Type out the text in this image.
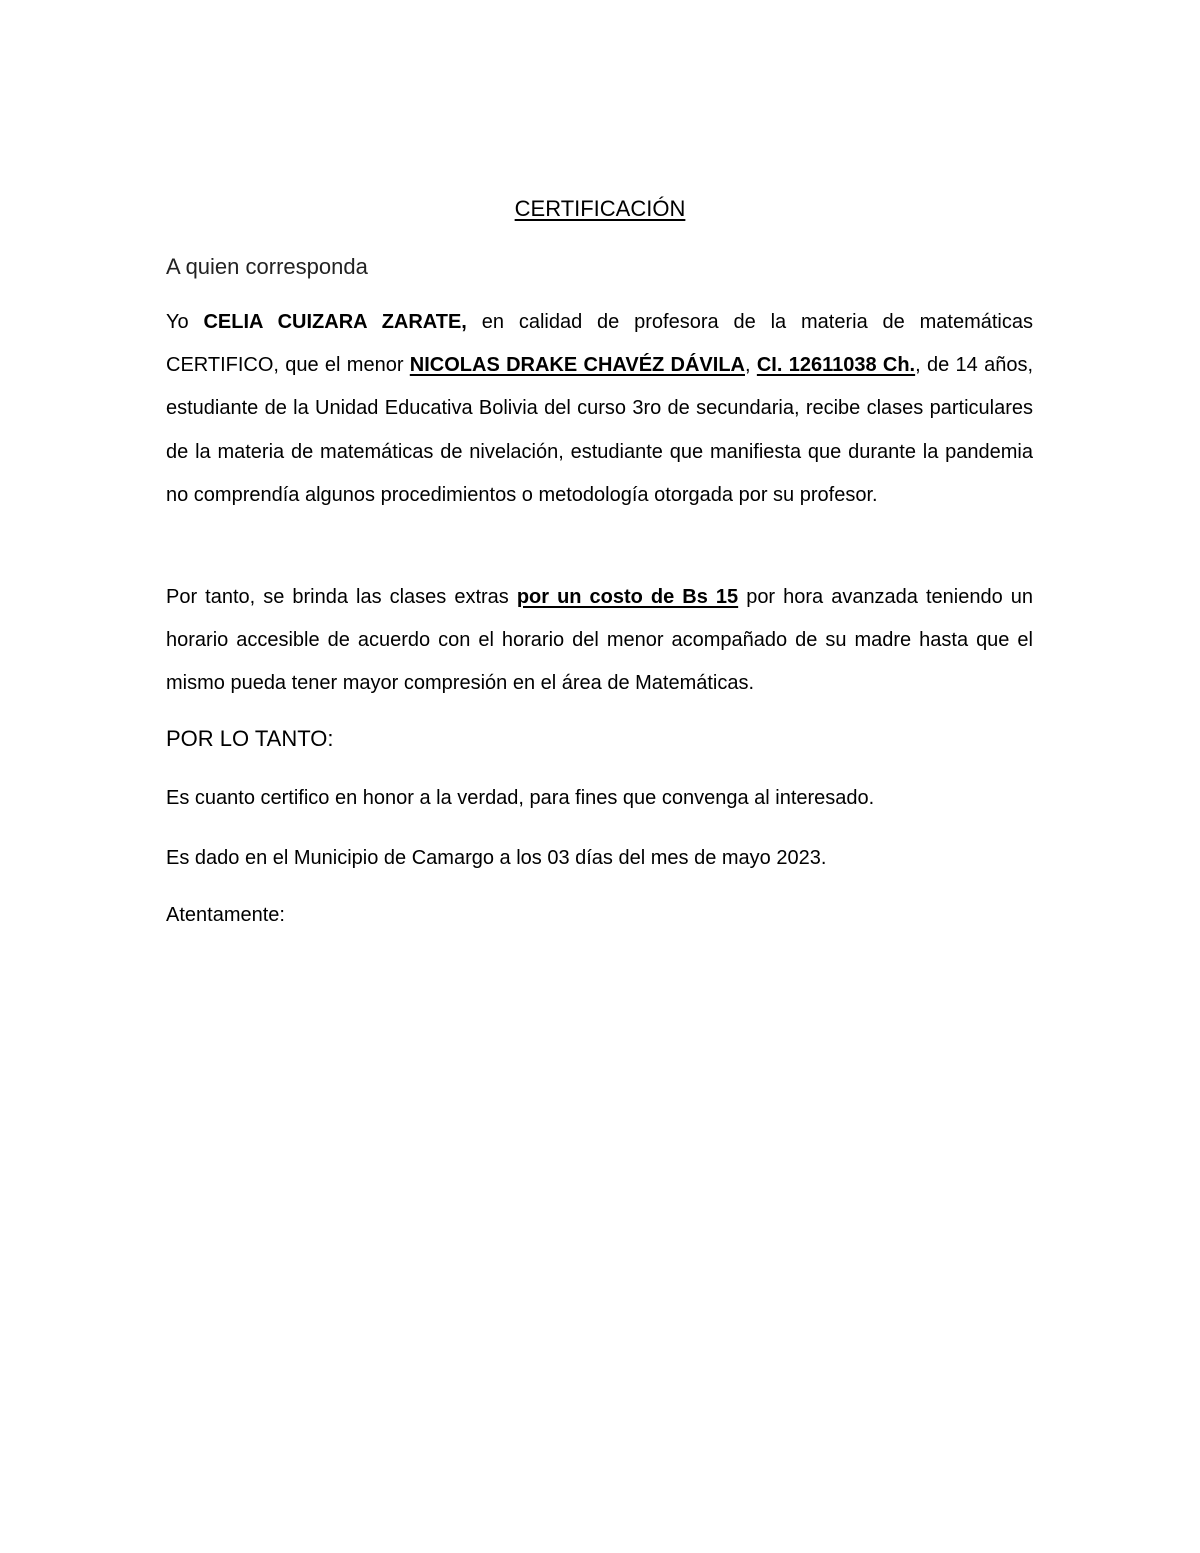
CERTIFICACIÓN

A quien corresponda

Yo CELIA CUIZARA ZARATE, en calidad de profesora de la materia de matemáticas CERTIFICO, que el menor NICOLAS DRAKE CHAVÉZ DÁVILA, CI. 12611038 Ch., de 14 años, estudiante de la Unidad Educativa Bolivia del curso 3ro de secundaria, recibe clases particulares de la materia de matemáticas de nivelación, estudiante que manifiesta que durante la pandemia no comprendía algunos procedimientos o metodología otorgada por su profesor.

Por tanto, se brinda las clases extras por un costo de Bs 15 por hora avanzada teniendo un horario accesible de acuerdo con el horario del menor acompañado de su madre hasta que el mismo pueda tener mayor compresión en el área de Matemáticas.

POR LO TANTO:

Es cuanto certifico en honor a la verdad, para fines que convenga al interesado.

Es dado en el Municipio de Camargo a los 03 días del mes de mayo 2023.

Atentamente:
